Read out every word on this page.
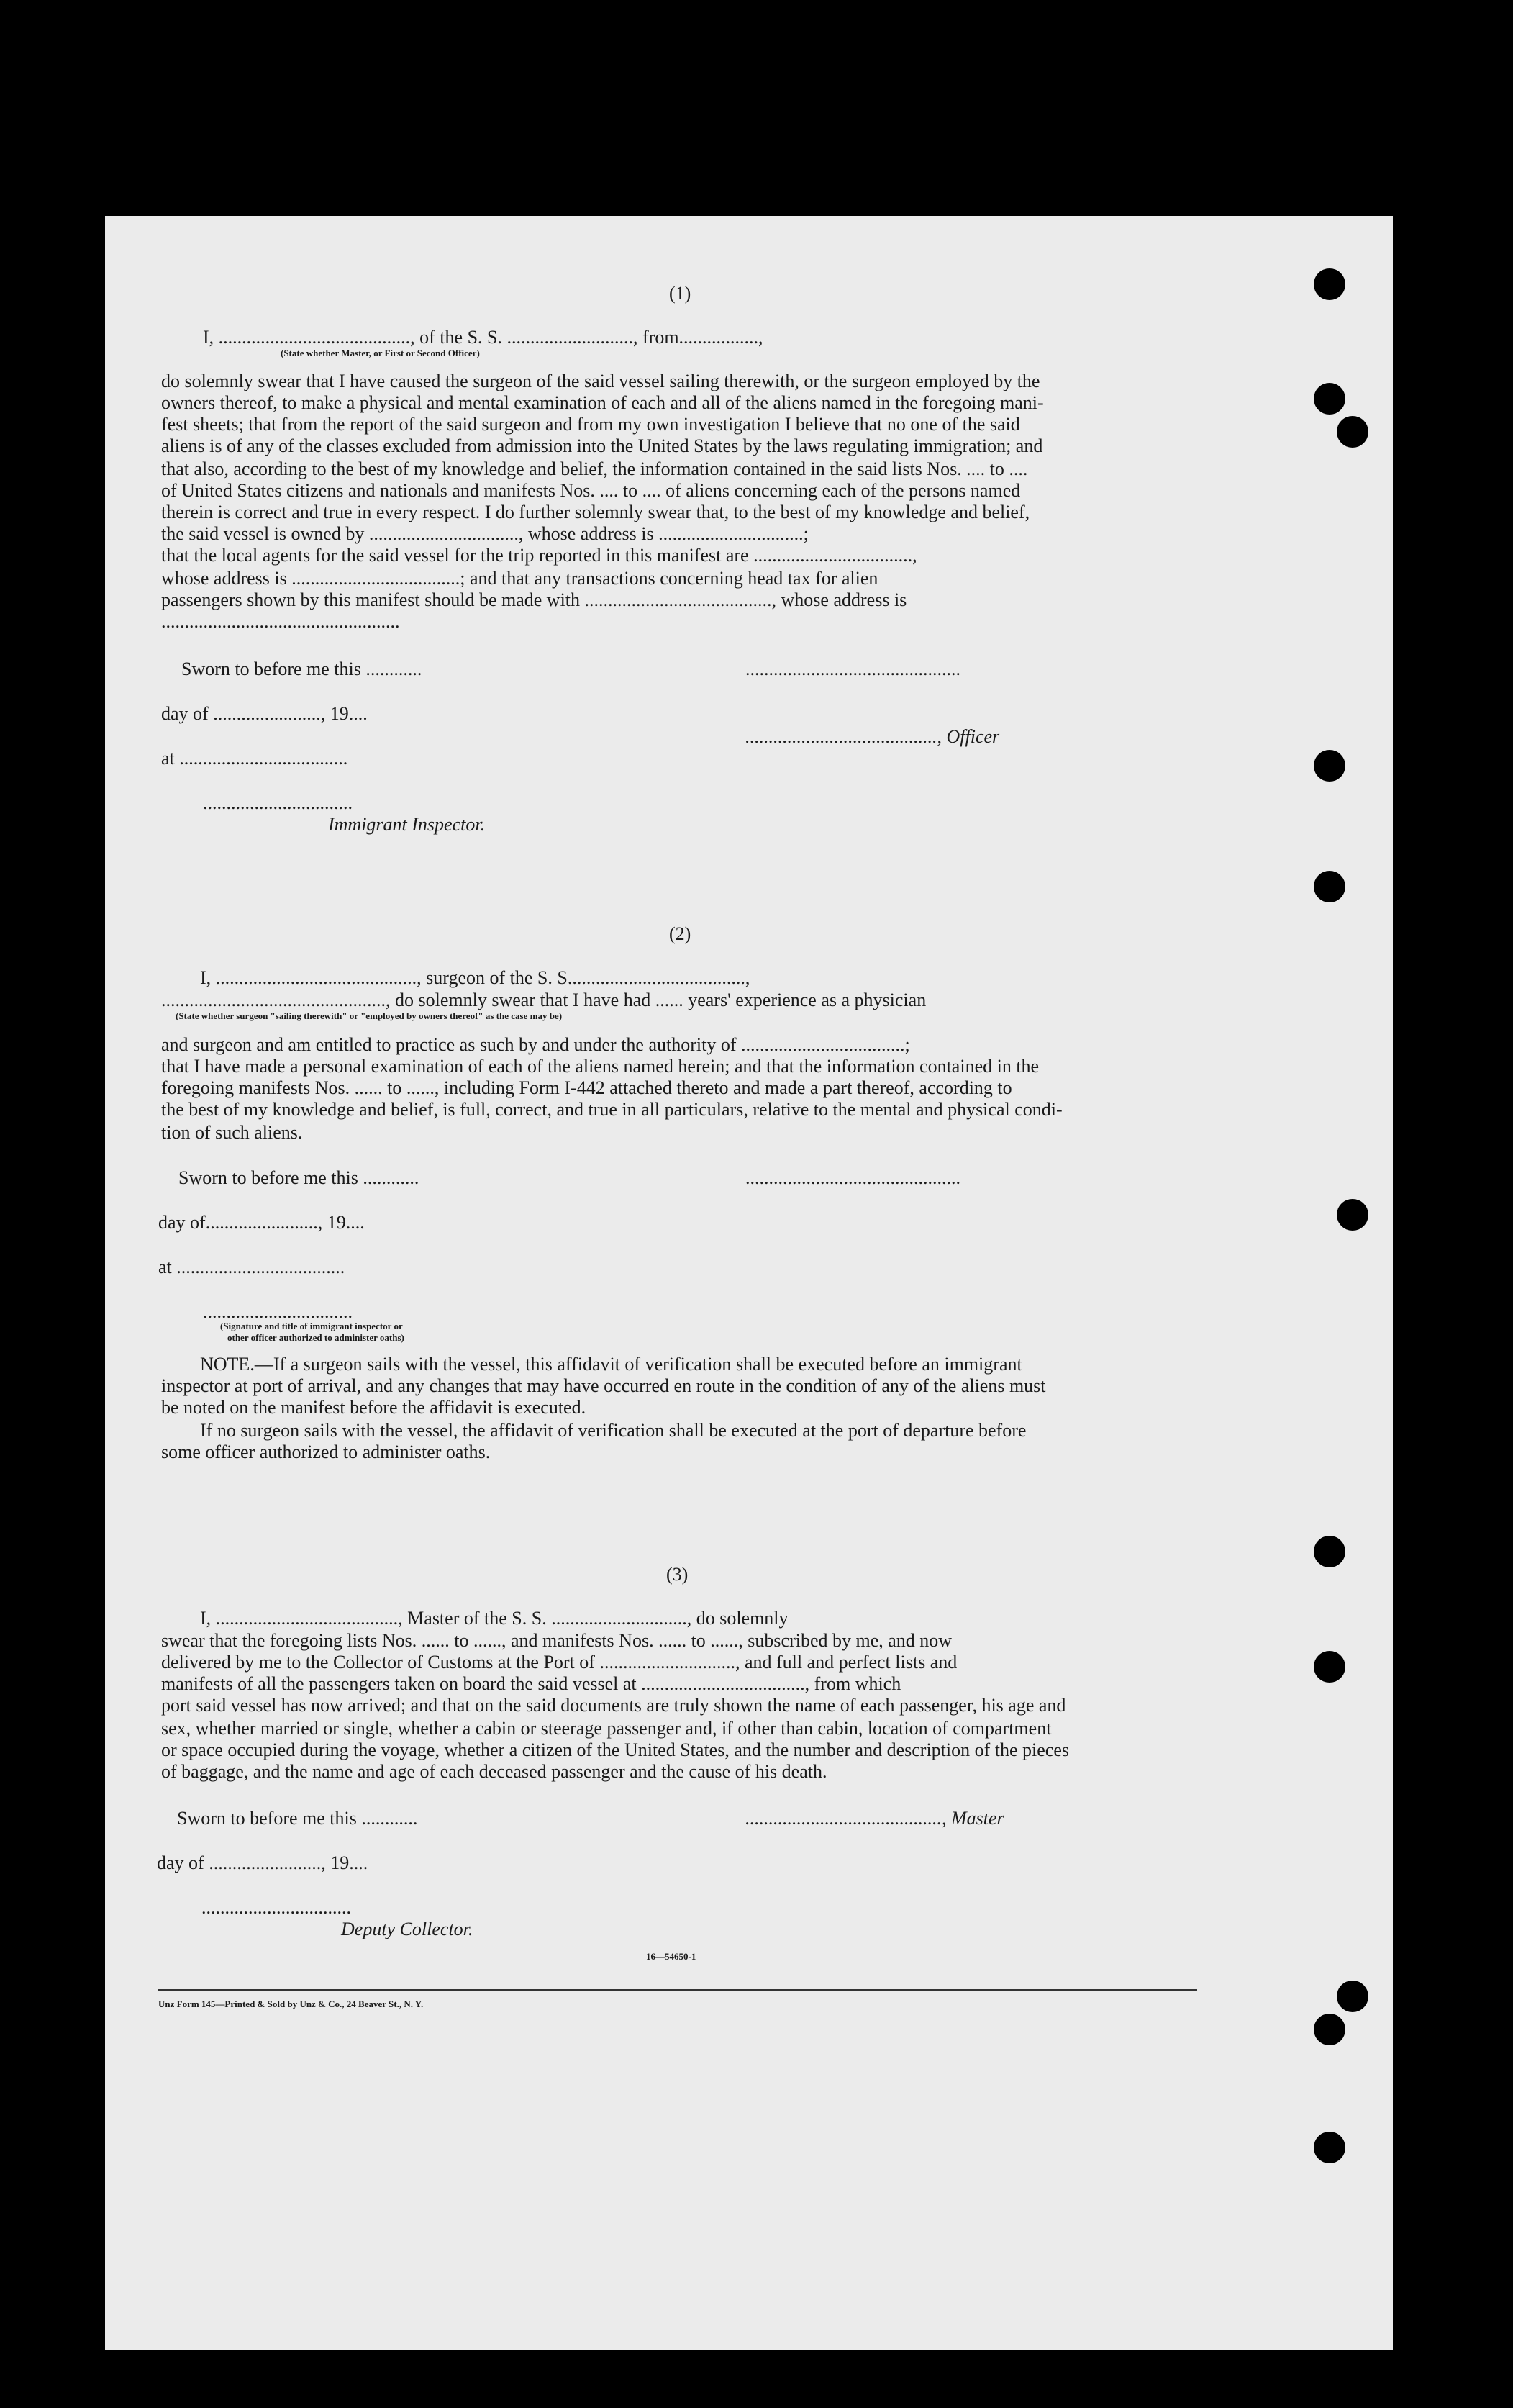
(1)
I, ........................................., of the S. S. ..........................., from.................,
(State whether Master, or First or Second Officer)
do solemnly swear that I have caused the surgeon of the said vessel sailing therewith, or the surgeon employed by the
owners thereof, to make a physical and mental examination of each and all of the aliens named in the foregoing mani-
fest sheets; that from the report of the said surgeon and from my own investigation I believe that no one of the said
aliens is of any of the classes excluded from admission into the United States by the laws regulating immigration; and
that also, according to the best of my knowledge and belief, the information contained in the said lists Nos. .... to ....
of United States citizens and nationals and manifests Nos. .... to .... of aliens concerning each of the persons named
therein is correct and true in every respect. I do further solemnly swear that, to the best of my knowledge and belief,
the said vessel is owned by ................................, whose address is ...............................;
that the local agents for the said vessel for the trip reported in this manifest are ..................................,
whose address is ....................................; and that any transactions concerning head tax for alien
passengers shown by this manifest should be made with ........................................, whose address is
...................................................
Sworn to before me this ............	..............................................
day of ......................., 19....
........................................., Officer
at ....................................
................................
Immigrant Inspector.
(2)
I, ..........................................., surgeon of the S. S......................................,
................................................, do solemnly swear that I have had ...... years' experience as a physician
(State whether surgeon "sailing therewith" or "employed by owners thereof" as the case may be)
and surgeon and am entitled to practice as such by and under the authority of ...................................;
that I have made a personal examination of each of the aliens named herein; and that the information contained in the
foregoing manifests Nos. ...... to ......, including Form I-442 attached thereto and made a part thereof, according to
the best of my knowledge and belief, is full, correct, and true in all particulars, relative to the mental and physical condi-
tion of such aliens.
Sworn to before me this ............	..............................................
day of........................, 19....
at ....................................
................................
(Signature and title of immigrant inspector or
other officer authorized to administer oaths)
NOTE.—If a surgeon sails with the vessel, this affidavit of verification shall be executed before an immigrant
inspector at port of arrival, and any changes that may have occurred en route in the condition of any of the aliens must
be noted on the manifest before the affidavit is executed.
If no surgeon sails with the vessel, the affidavit of verification shall be executed at the port of departure before
some officer authorized to administer oaths.
(3)
I, ......................................., Master of the S. S. ............................., do solemnly
swear that the foregoing lists Nos. ...... to ......, and manifests Nos. ...... to ......, subscribed by me, and now
delivered by me to the Collector of Customs at the Port of ............................., and full and perfect lists and
manifests of all the passengers taken on board the said vessel at ..................................., from which
port said vessel has now arrived; and that on the said documents are truly shown the name of each passenger, his age and
sex, whether married or single, whether a cabin or steerage passenger and, if other than cabin, location of compartment
or space occupied during the voyage, whether a citizen of the United States, and the number and description of the pieces
of baggage, and the name and age of each deceased passenger and the cause of his death.
Sworn to before me this ............	.........................................., Master
day of ........................, 19....
................................
Deputy Collector.
16—54650-1
Unz Form 145—Printed & Sold by Unz & Co., 24 Beaver St., N. Y.
